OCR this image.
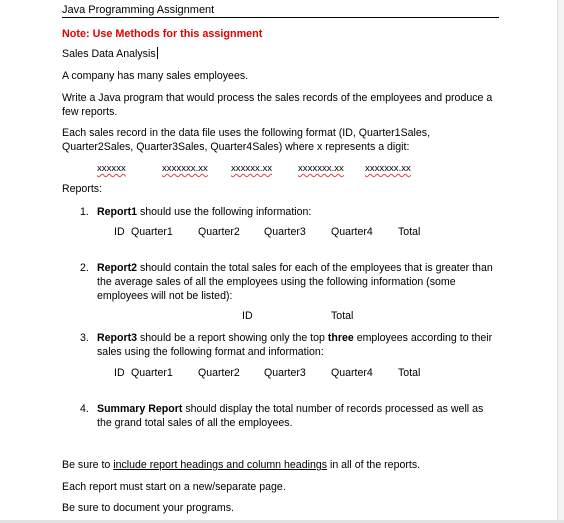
Java Programming Assignment

Note: Use Methods for this assignment

Sales Data Analysis

A company has many sales employees.

Write a Java program that would process the sales records of the employees and produce a few reports.

Each sales record in the data file uses the following format (ID, Quarter1Sales, Quarter2Sales, Quarter3Sales, Quarter4Sales) where x represents a digit:

xxxxxx	xxxxxxx.xx xxxxxx.xx	xxxxxxx.xx xxxxxxx.xx

Reports:

1. Report1 should use the following information:
ID Quarter1 Quarter2 Quarter3 Quarter4 Total
2. Report2 should contain the total sales for each of the employees that is greater than the average sales of all the employees using the following information (some employees will not be listed):
ID	Total
3. Report3 should be a report showing only the top three employees according to their sales using the following format and information:
ID Quarter1 Quarter2 Quarter3 Quarter4 Total
4. Summary Report should display the total number of records processed as well as the grand total sales of all the employees.

Be sure to include report headings and column headings in all of the reports.

Each report must start on a new/separate page.

Be sure to document your programs.
